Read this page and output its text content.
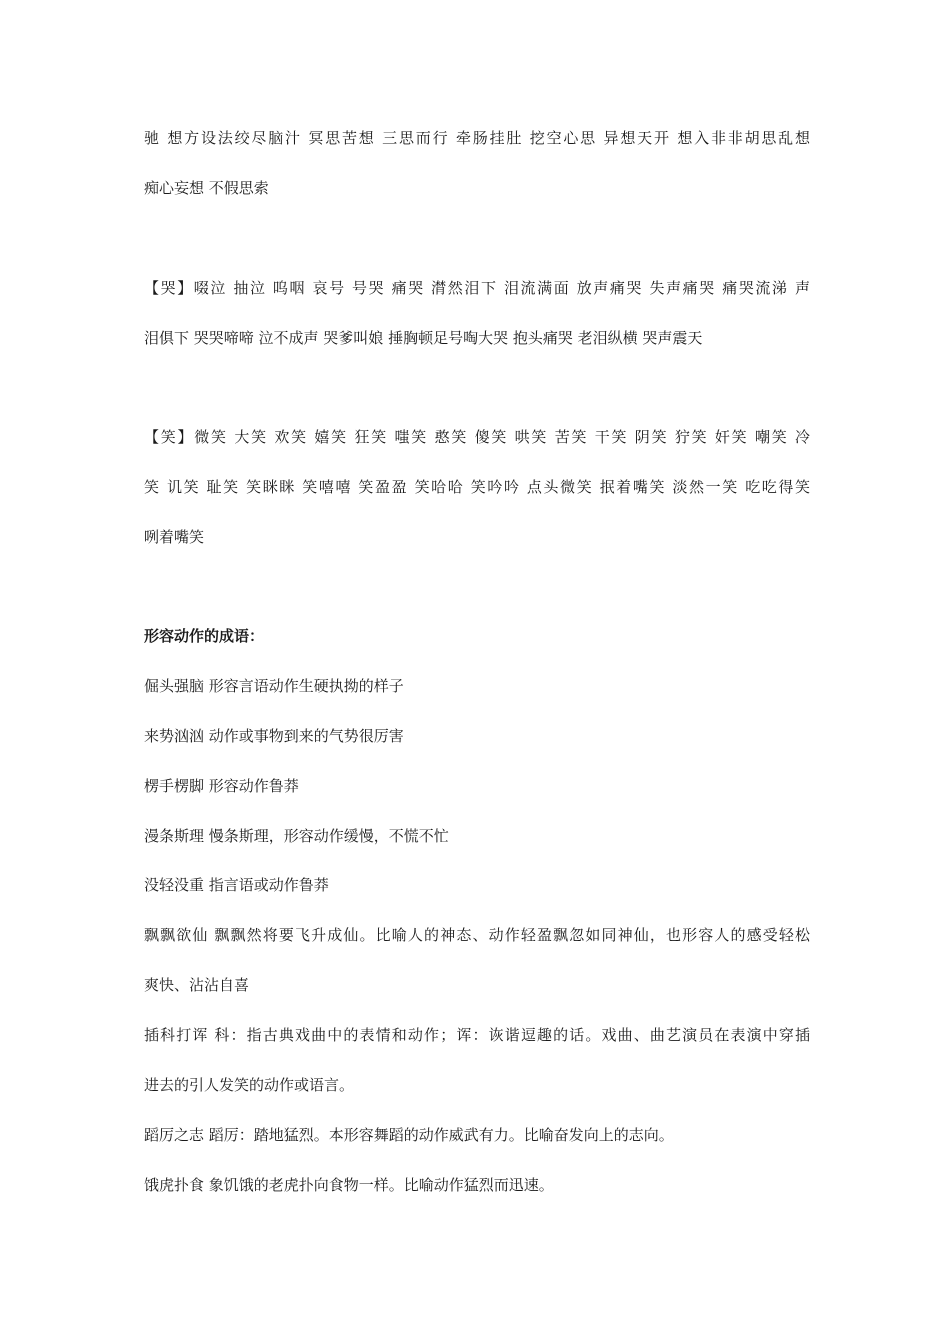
驰 想方设法绞尽脑汁 冥思苦想 三思而行 牵肠挂肚 挖空心思 异想天开 想入非非胡思乱想
痴心妄想 不假思索
【哭】啜泣 抽泣 呜咽 哀号 号哭 痛哭 潸然泪下 泪流满面 放声痛哭 失声痛哭 痛哭流涕 声
泪俱下 哭哭啼啼 泣不成声 哭爹叫娘 捶胸顿足号啕大哭 抱头痛哭 老泪纵横 哭声震天
【笑】微笑 大笑 欢笑 嬉笑 狂笑 嗤笑 憨笑 傻笑 哄笑 苦笑 干笑 阴笑 狞笑 奸笑 嘲笑 冷
笑 讥笑 耻笑 笑眯眯 笑嘻嘻 笑盈盈 笑哈哈 笑吟吟 点头微笑 抿着嘴笑 淡然一笑 吃吃得笑
咧着嘴笑
形容动作的成语：
倔头强脑 形容言语动作生硬执拗的样子
来势汹汹 动作或事物到来的气势很厉害
楞手楞脚 形容动作鲁莽
漫条斯理 慢条斯理，形容动作缓慢，不慌不忙
没轻没重 指言语或动作鲁莽
飘飘欲仙 飘飘然将要飞升成仙。比喻人的神态、动作轻盈飘忽如同神仙，也形容人的感受轻松
爽快、沾沾自喜
插科打诨 科：指古典戏曲中的表情和动作；诨：诙谐逗趣的话。戏曲、曲艺演员在表演中穿插
进去的引人发笑的动作或语言。
蹈厉之志 蹈厉：踏地猛烈。本形容舞蹈的动作威武有力。比喻奋发向上的志向。
饿虎扑食 象饥饿的老虎扑向食物一样。比喻动作猛烈而迅速。
